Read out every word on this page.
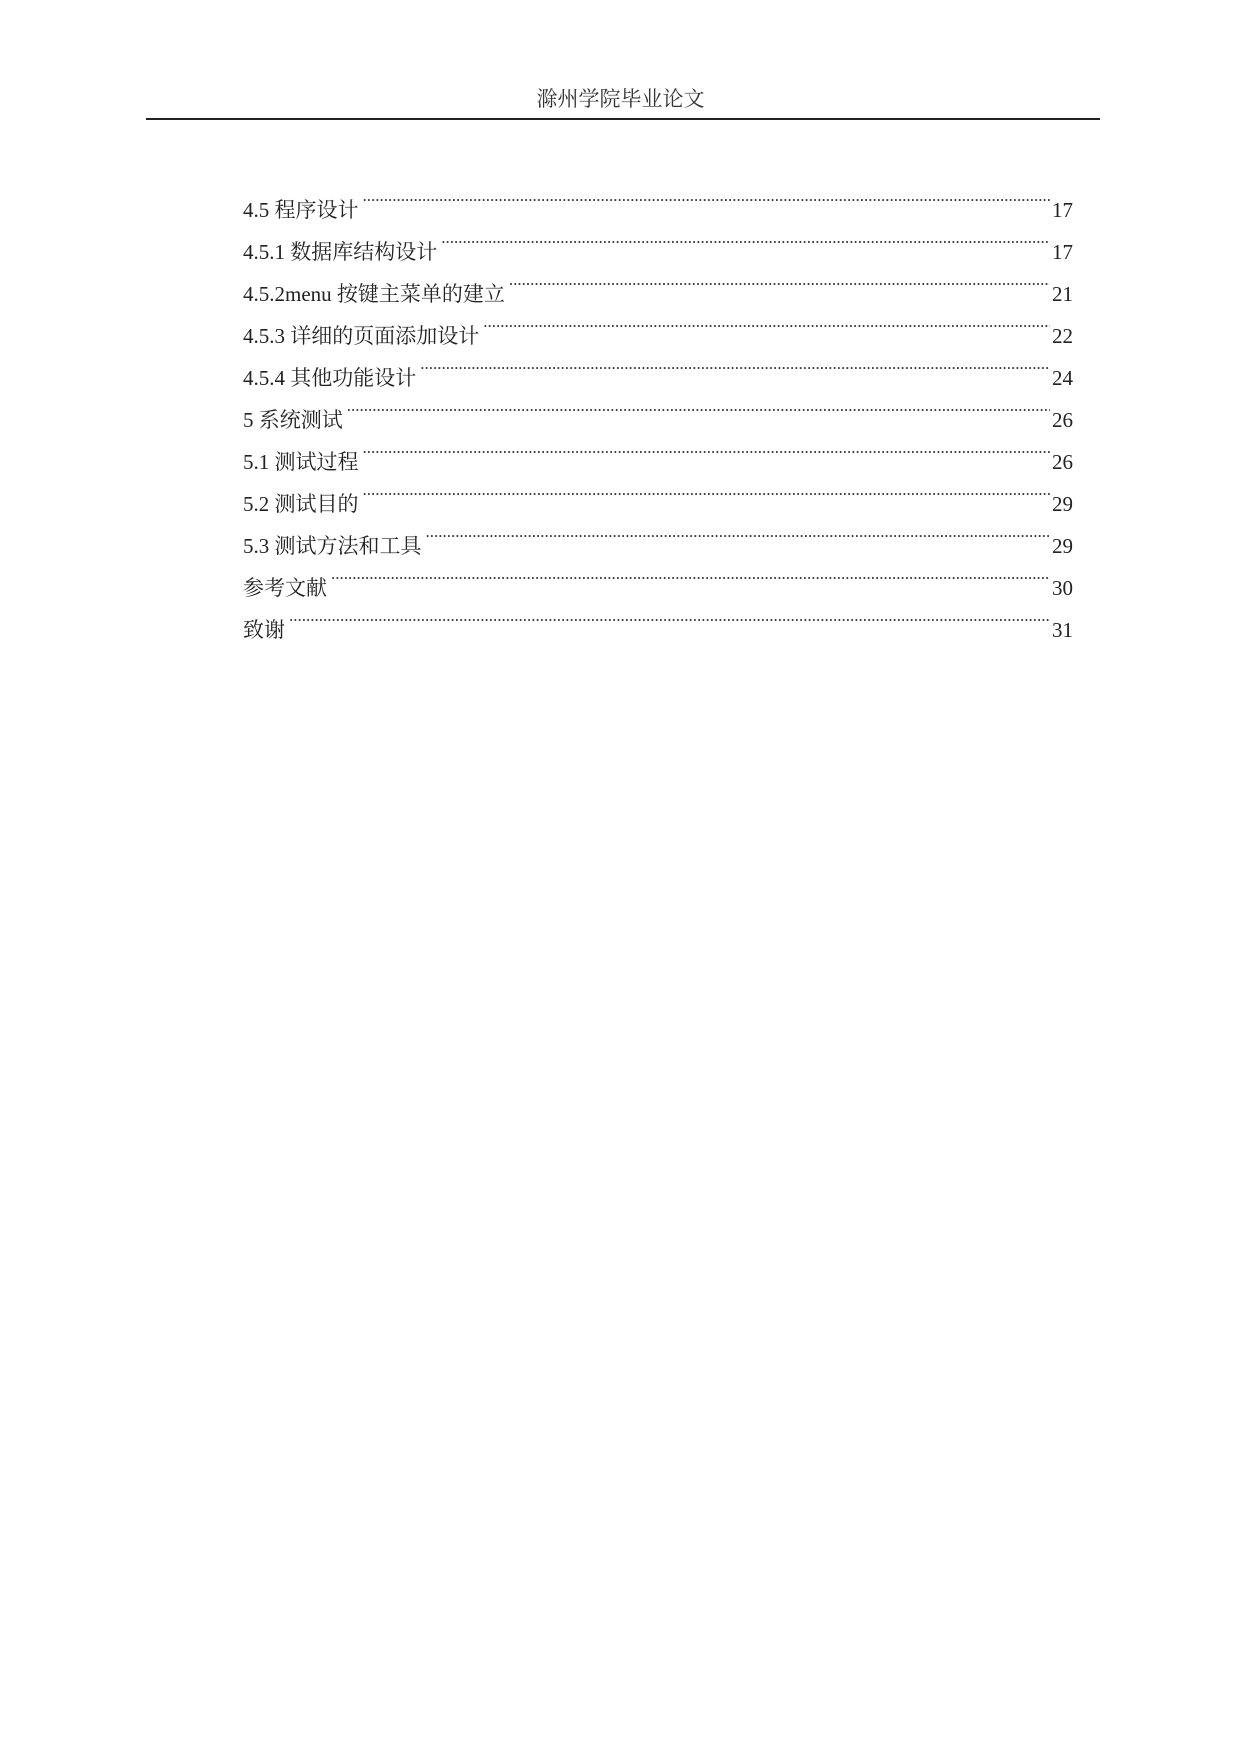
滁州学院毕业论文
4.5 程序设计 .....	17
4.5.1 数据库结构设计 .....	17
4.5.2menu 按键主菜单的建立 .....	21
4.5.3 详细的页面添加设计 .....	22
4.5.4 其他功能设计 .....	24
5 系统测试 .....	26
5.1 测试过程 .....	26
5.2 测试目的 .....	29
5.3 测试方法和工具 .....	29
参考文献 .....	30
致谢 .....	31
